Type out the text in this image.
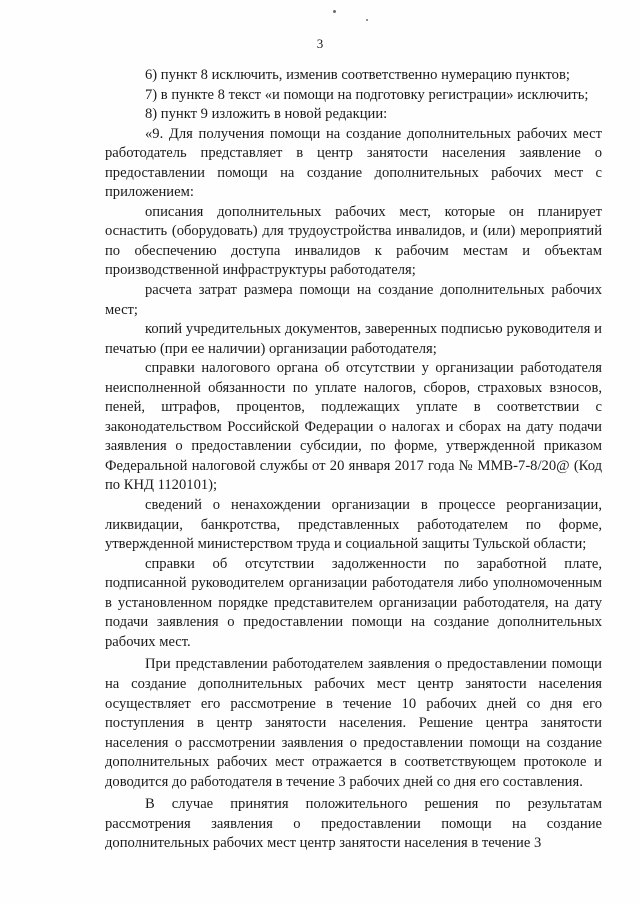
3

6) пункт 8 исключить, изменив соответственно нумерацию пунктов;

7) в пункте 8 текст «и помощи на подготовку регистрации» исключить;

8) пункт 9 изложить в новой редакции:

«9. Для получения помощи на создание дополнительных рабочих мест работодатель представляет в центр занятости населения заявление о предоставлении помощи на создание дополнительных рабочих мест с приложением:

описания дополнительных рабочих мест, которые он планирует оснастить (оборудовать) для трудоустройства инвалидов, и (или) мероприятий по обеспечению доступа инвалидов к рабочим местам и объектам производственной инфраструктуры работодателя;

расчета затрат размера помощи на создание дополнительных рабочих мест;

копий учредительных документов, заверенных подписью руководителя и печатью (при ее наличии) организации работодателя;

справки налогового органа об отсутствии у организации работодателя неисполненной обязанности по уплате налогов, сборов, страховых взносов, пеней, штрафов, процентов, подлежащих уплате в соответствии с законодательством Российской Федерации о налогах и сборах на дату подачи заявления о предоставлении субсидии, по форме, утвержденной приказом Федеральной налоговой службы от 20 января 2017 года № ММВ-7-8/20@ (Код по КНД 1120101);

сведений о ненахождении организации в процессе реорганизации, ликвидации, банкротства, представленных работодателем по форме, утвержденной министерством труда и социальной защиты Тульской области;

справки об отсутствии задолженности по заработной плате, подписанной руководителем организации работодателя либо уполномоченным в установленном порядке представителем организации работодателя, на дату подачи заявления о предоставлении помощи на создание дополнительных рабочих мест.

При представлении работодателем заявления о предоставлении помощи на создание дополнительных рабочих мест центр занятости населения осуществляет его рассмотрение в течение 10 рабочих дней со дня его поступления в центр занятости населения. Решение центра занятости населения о рассмотрении заявления о предоставлении помощи на создание дополнительных рабочих мест отражается в соответствующем протоколе и доводится до работодателя в течение 3 рабочих дней со дня его составления.

В случае принятия положительного решения по результатам рассмотрения заявления о предоставлении помощи на создание дополнительных рабочих мест центр занятости населения в течение 3
